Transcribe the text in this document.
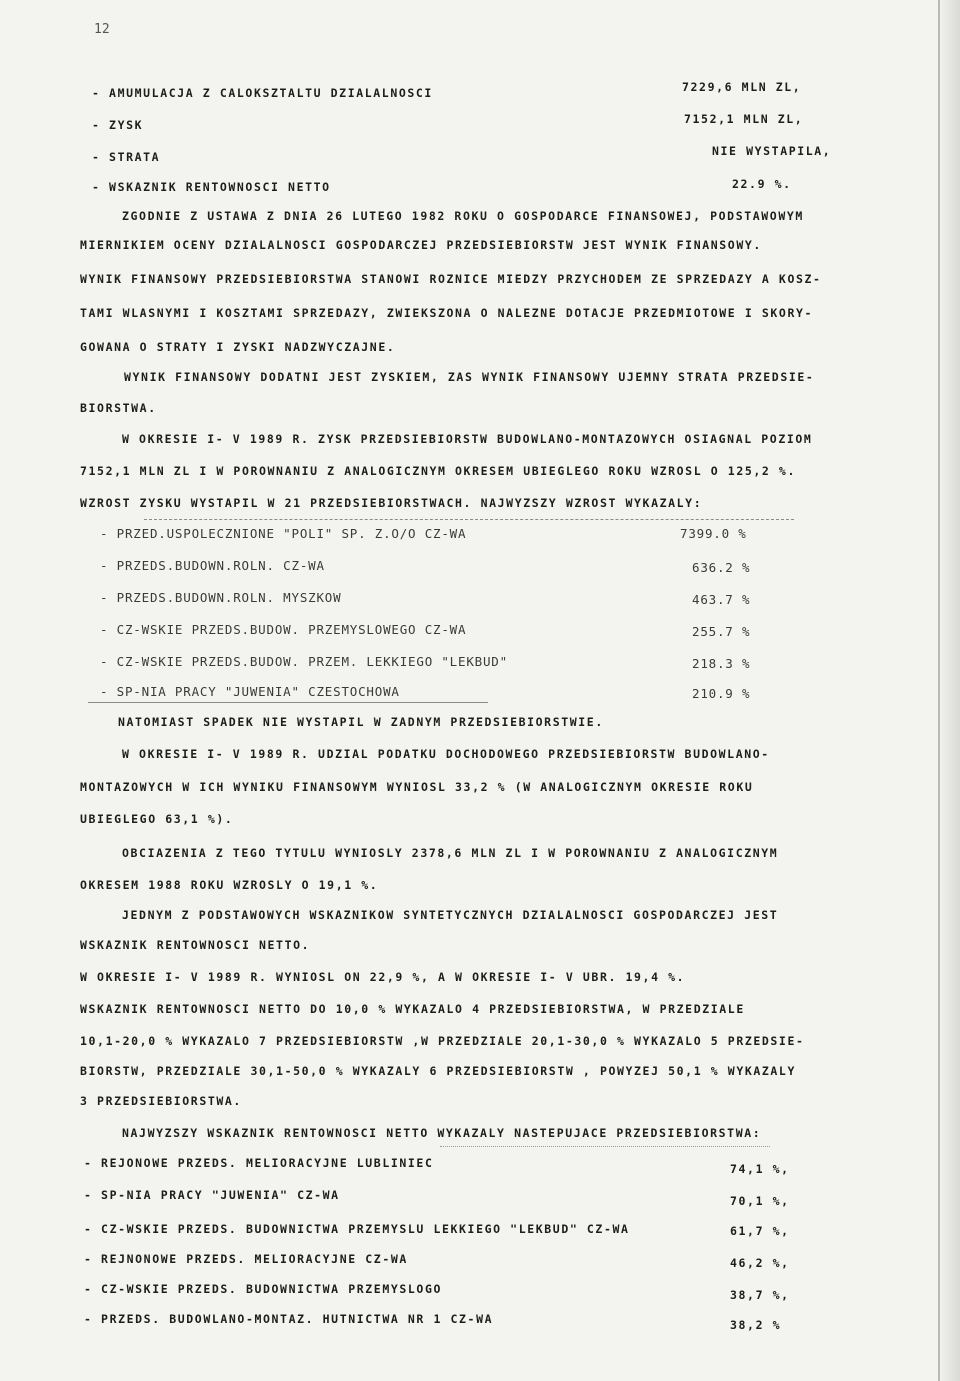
12
- AMUMULACJA Z CALOKSZTALTU DZIALALNOSCI	7229,6 MLN ZL,
- ZYSK	7152,1 MLN ZL,
- STRATA	NIE WYSTAPILA,
- WSKAZNIK RENTOWNOSCI NETTO	22.9 %.
ZGODNIE Z USTAWA Z DNIA 26 LUTEGO 1982 ROKU O GOSPODARCE FINANSOWEJ, PODSTAWOWYM
MIERNIKIEM OCENY DZIALALNOSCI GOSPODARCZEJ PRZEDSIEBIORSTW JEST WYNIK FINANSOWY.
WYNIK FINANSOWY PRZEDSIEBIORSTWA STANOWI ROZNICE MIEDZY PRZYCHODEM ZE SPRZEDAZY A KOSZ-
TAMI WLASNYMI I KOSZTAMI SPRZEDAZY, ZWIEKSZONA O NALEZNE DOTACJE PRZEDMIOTOWE I SKORY-
GOWANA O STRATY I ZYSKI NADZWYCZAJNE.
WYNIK FINANSOWY DODATNI JEST ZYSKIEM, ZAS WYNIK FINANSOWY UJEMNY STRATA PRZEDSIE-
BIORSTWA.
W OKRESIE I- V 1989 R. ZYSK PRZEDSIEBIORSTW BUDOWLANO-MONTAZOWYCH OSIAGNAL POZIOM
7152,1 MLN ZL I W POROWNANIU Z ANALOGICZNYM OKRESEM UBIEGLEGO ROKU WZROSL O 125,2 %.
WZROST ZYSKU WYSTAPIL W 21 PRZEDSIEBIORSTWACH. NAJWYZSZY WZROST WYKAZALY:
- PRZED.USPOLECZNIONE "POLI" SP. Z.O/O CZ-WA	7399.0 %
- PRZEDS.BUDOWN.ROLN. CZ-WA	636.2 %
- PRZEDS.BUDOWN.ROLN. MYSZKOW	463.7 %
- CZ-WSKIE PRZEDS.BUDOW. PRZEMYSLOWEGO CZ-WA	255.7 %
- CZ-WSKIE PRZEDS.BUDOW. PRZEM. LEKKIEGO "LEKBUD"	218.3 %
- SP-NIA PRACY "JUWENIA" CZESTOCHOWA	210.9 %
NATOMIAST SPADEK NIE WYSTAPIL W ZADNYM PRZEDSIEBIORSTWIE.
W OKRESIE I- V 1989 R. UDZIAL PODATKU DOCHODOWEGO PRZEDSIEBIORSTW BUDOWLANO-
MONTAZOWYCH W ICH WYNIKU FINANSOWYM WYNIOSL 33,2 % (W ANALOGICZNYM OKRESIE ROKU
UBIEGLEGO 63,1 %).
OBCIAZENIA Z TEGO TYTULU WYNIOSLY 2378,6 MLN ZL I W POROWNANIU Z ANALOGICZNYM
OKRESEM 1988 ROKU WZROSLY O 19,1 %.
JEDNYM Z PODSTAWOWYCH WSKAZNIKOW SYNTETYCZNYCH DZIALALNOSCI GOSPODARCZEJ JEST
WSKAZNIK RENTOWNOSCI NETTO.
W OKRESIE I- V 1989 R. WYNIOSL ON 22,9 %, A W OKRESIE I- V UBR. 19,4 %.
WSKAZNIK RENTOWNOSCI NETTO DO 10,0 % WYKAZALO 4 PRZEDSIEBIORSTWA, W PRZEDZIALE
10,1-20,0 % WYKAZALO 7 PRZEDSIEBIORSTW ,W PRZEDZIALE 20,1-30,0 % WYKAZALO 5 PRZEDSIE-
BIORSTW, PRZEDZIALE 30,1-50,0 % WYKAZALY 6 PRZEDSIEBIORSTW , POWYZEJ 50,1 % WYKAZALY
3 PRZEDSIEBIORSTWA.
NAJWYZSZY WSKAZNIK RENTOWNOSCI NETTO WYKAZALY NASTEPUJACE PRZEDSIEBIORSTWA:
- REJONOWE PRZEDS. MELIORACYJNE LUBLINIEC	74,1 %,
- SP-NIA PRACY "JUWENIA" CZ-WA	70,1 %,
- CZ-WSKIE PRZEDS. BUDOWNICTWA PRZEMYSLU LEKKIEGO "LEKBUD" CZ-WA	61,7 %,
- REJNONOWE PRZEDS. MELIORACYJNE CZ-WA	46,2 %,
- CZ-WSKIE PRZEDS. BUDOWNICTWA PRZEMYSLOGO	38,7 %,
- PRZEDS. BUDOWLANO-MONTAZ. HUTNICTWA NR 1 CZ-WA	38,2 %
